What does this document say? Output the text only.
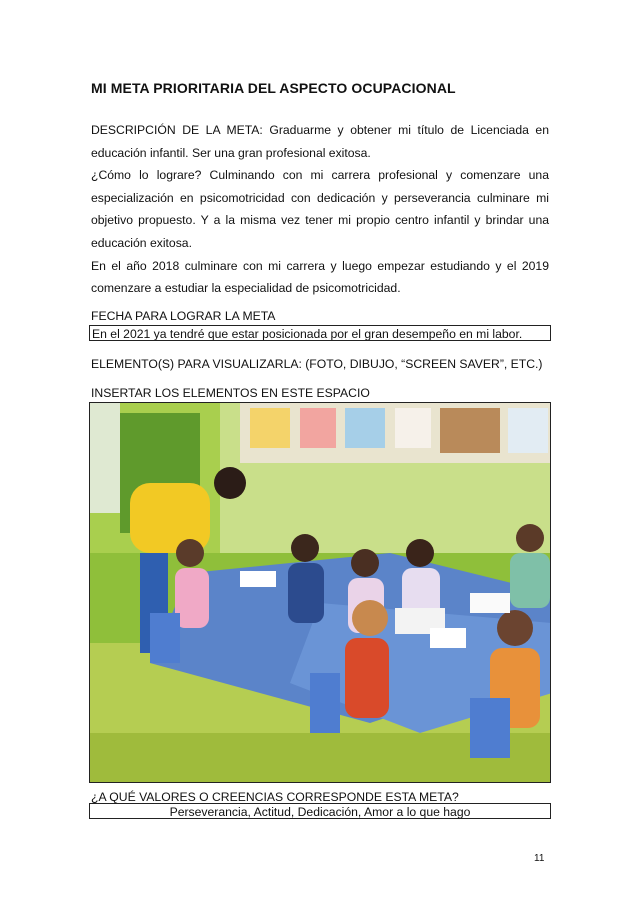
MI META PRIORITARIA DEL ASPECTO OCUPACIONAL

DESCRIPCIÓN DE LA META: Graduarme y obtener mi título de Licenciada en educación infantil. Ser una gran profesional exitosa.

¿Cómo lo lograre? Culminando con mi carrera profesional y comenzare una especialización en psicomotricidad con dedicación y perseverancia culminare mi objetivo propuesto. Y a la misma vez tener mi propio centro infantil y brindar una educación exitosa.

En el año 2018 culminare con mi carrera y luego empezar estudiando y el 2019 comenzare a estudiar la especialidad de psicomotricidad.

FECHA PARA LOGRAR LA META
En el 2021 ya tendré que estar posicionada por el gran desempeño en mi labor.
ELEMENTO(S) PARA VISUALIZARLA: (FOTO, DIBUJO, “SCREEN SAVER”, ETC.)
INSERTAR LOS ELEMENTOS EN ESTE ESPACIO
¿A QUÉ VALORES O CREENCIAS CORRESPONDE ESTA META?
Perseverancia, Actitud, Dedicación, Amor a lo que hago
11
